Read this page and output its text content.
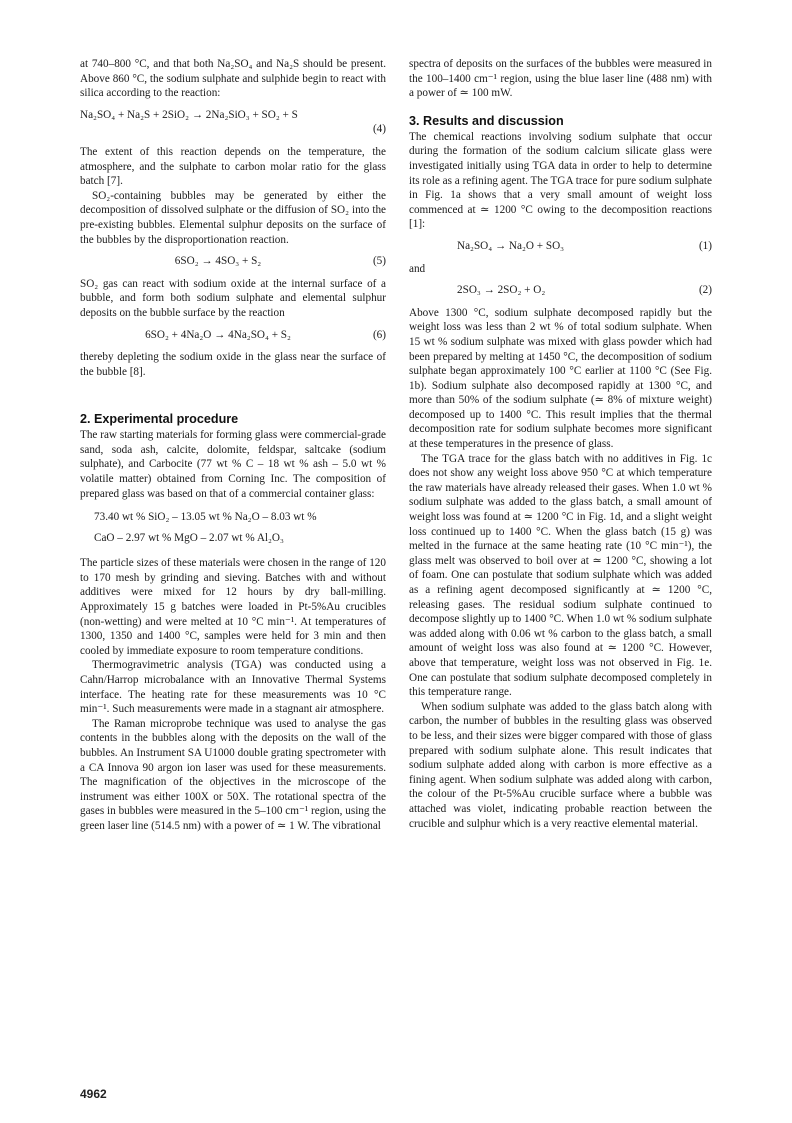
at 740–800 °C, and that both Na₂SO₄ and Na₂S should be present. Above 860 °C, the sodium sulphate and sulphide begin to react with silica according to the reaction:

Na₂SO₄ + Na₂S + 2SiO₂ → 2Na₂SiO₃ + SO₂ + S
(4)

The extent of this reaction depends on the temperature, the atmosphere, and the sulphate to carbon molar ratio for the glass batch [7].

SO₂-containing bubbles may be generated by either the decomposition of dissolved sulphate or the diffusion of SO₂ into the pre-existing bubbles. Elemental sulphur deposits on the surface of the bubbles by the disproportionation reaction.

6SO₂ → 4SO₃ + S₂	(5)

SO₂ gas can react with sodium oxide at the internal surface of a bubble, and form both sodium sulphate and elemental sulphur deposits on the bubble surface by the reaction

6SO₂ + 4Na₂O → 4Na₂SO₄ + S₂	(6)

thereby depleting the sodium oxide in the glass near the surface of the bubble [8].

2. Experimental procedure

The raw starting materials for forming glass were commercial-grade sand, soda ash, calcite, dolomite, feldspar, saltcake (sodium sulphate), and Carbocite (77 wt % C – 18 wt % ash – 5.0 wt % volatile matter) obtained from Corning Inc. The composition of prepared glass was based on that of a commercial container glass:

73.40 wt % SiO₂ – 13.05 wt % Na₂O – 8.03 wt %
CaO – 2.97 wt % MgO – 2.07 wt % Al₂O₃

The particle sizes of these materials were chosen in the range of 120 to 170 mesh by grinding and sieving. Batches with and without additives were mixed for 12 hours by dry ball-milling. Approximately 15 g batches were loaded in Pt-5%Au crucibles (non-wetting) and were melted at 10 °C min⁻¹. At temperatures of 1300, 1350 and 1400 °C, samples were held for 3 min and then cooled by immediate exposure to room temperature conditions.

Thermogravimetric analysis (TGA) was conducted using a Cahn/Harrop microbalance with an Innovative Thermal Systems interface. The heating rate for these measurements was 10 °C min⁻¹. Such measurements were made in a stagnant air atmosphere.

The Raman microprobe technique was used to analyse the gas contents in the bubbles along with the deposits on the wall of the bubbles. An Instrument SA U1000 double grating spectrometer with a CA Innova 90 argon ion laser was used for these measurements. The magnification of the objectives in the microscope of the instrument was either 100X or 50X. The rotational spectra of the gases in bubbles were measured in the 5–100 cm⁻¹ region, using the green laser line (514.5 nm) with a power of ≃ 1 W. The vibrational

spectra of deposits on the surfaces of the bubbles were measured in the 100–1400 cm⁻¹ region, using the blue laser line (488 nm) with a power of ≃ 100 mW.

3. Results and discussion

The chemical reactions involving sodium sulphate that occur during the formation of the sodium calcium silicate glass were investigated initially using TGA data in order to help to determine its role as a refining agent. The TGA trace for pure sodium sulphate in Fig. 1a shows that a very small amount of weight loss commenced at ≃ 1200 °C owing to the decomposition reactions [1]:

Na₂SO₄ → Na₂O + SO₃	(1)

and

2SO₃ → 2SO₂ + O₂	(2)

Above 1300 °C, sodium sulphate decomposed rapidly but the weight loss was less than 2 wt % of total sodium sulphate. When 15 wt % sodium sulphate was mixed with glass powder which had been prepared by melting at 1450 °C, the decomposition of sodium sulphate began approximately 100 °C earlier at 1100 °C (See Fig. 1b). Sodium sulphate also decomposed rapidly at 1300 °C, and more than 50% of the sodium sulphate (≃ 8% of mixture weight) decomposed up to 1400 °C. This result implies that the thermal decomposition rate for sodium sulphate becomes more significant at these temperatures in the presence of glass.

The TGA trace for the glass batch with no additives in Fig. 1c does not show any weight loss above 950 °C at which temperature the raw materials have already released their gases. When 1.0 wt % sodium sulphate was added to the glass batch, a small amount of weight loss was found at ≃ 1200 °C in Fig. 1d, and a slight weight loss continued up to 1400 °C. When the glass batch (15 g) was melted in the furnace at the same heating rate (10 °C min⁻¹), the glass melt was observed to boil over at ≃ 1200 °C, showing a lot of foam. One can postulate that sodium sulphate which was added as a refining agent decomposed significantly at ≃ 1200 °C, releasing gases. The residual sodium sulphate continued to decompose slightly up to 1400 °C. When 1.0 wt % sodium sulphate was added along with 0.06 wt % carbon to the glass batch, a small amount of weight loss was also found at ≃ 1200 °C. However, above that temperature, weight loss was not observed in Fig. 1e. One can postulate that sodium sulphate decomposed completely in this temperature range.

When sodium sulphate was added to the glass batch along with carbon, the number of bubbles in the resulting glass was observed to be less, and their sizes were bigger compared with those of glass prepared with sodium sulphate alone. This result indicates that sodium sulphate added along with carbon is more effective as a fining agent. When sodium sulphate was added along with carbon, the colour of the Pt-5%Au crucible surface where a bubble was attached was violet, indicating probable reaction between the crucible and sulphur which is a very reactive elemental material.

4962
